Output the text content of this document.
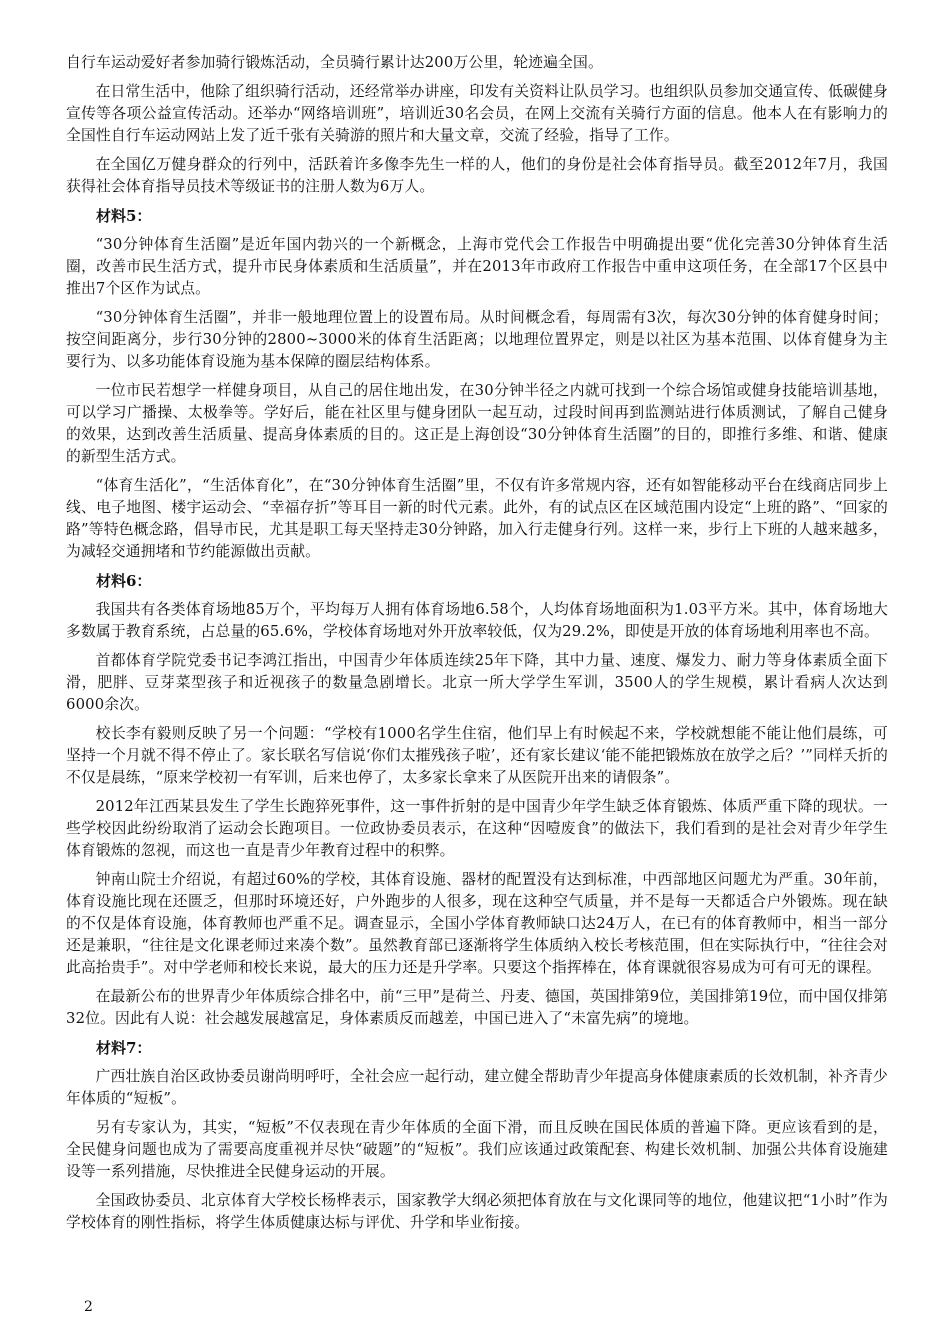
自行车运动爱好者参加骑行锻炼活动，全员骑行累计达200万公里，轮迹遍全国。

在日常生活中，他除了组织骑行活动，还经常举办讲座，印发有关资料让队员学习。也组织队员参加交通宣传、低碳健身宣传等各项公益宣传活动。还举办“网络培训班”，培训近30名会员，在网上交流有关骑行方面的信息。他本人在有影响力的全国性自行车运动网站上发了近千张有关骑游的照片和大量文章，交流了经验，指导了工作。

在全国亿万健身群众的行列中，活跃着许多像李先生一样的人，他们的身份是社会体育指导员。截至2012年7月，我国获得社会体育指导员技术等级证书的注册人数为6万人。

材料5：

“30分钟体育生活圈”是近年国内勃兴的一个新概念，上海市党代会工作报告中明确提出要“优化完善30分钟体育生活圈，改善市民生活方式，提升市民身体素质和生活质量”，并在2013年市政府工作报告中重申这项任务，在全部17个区县中推出7个区作为试点。

“30分钟体育生活圈”，并非一般地理位置上的设置布局。从时间概念看，每周需有3次，每次30分钟的体育健身时间；按空间距离分，步行30分钟的2800~3000米的体育生活距离；以地理位置界定，则是以社区为基本范围、以体育健身为主要行为、以多功能体育设施为基本保障的圈层结构体系。

一位市民若想学一样健身项目，从自己的居住地出发，在30分钟半径之内就可找到一个综合场馆或健身技能培训基地，可以学习广播操、太极拳等。学好后，能在社区里与健身团队一起互动，过段时间再到监测站进行体质测试，了解自己健身的效果，达到改善生活质量、提高身体素质的目的。这正是上海创设“30分钟体育生活圈”的目的，即推行多维、和谐、健康的新型生活方式。

“体育生活化”，“生活体育化”，在“30分钟体育生活圈”里，不仅有许多常规内容，还有如智能移动平台在线商店同步上线、电子地图、楼宇运动会、“幸福存折”等耳目一新的时代元素。此外，有的试点区在区域范围内设定“上班的路”、“回家的路”等特色概念路，倡导市民，尤其是职工每天坚持走30分钟路，加入行走健身行列。这样一来，步行上下班的人越来越多，为减轻交通拥堵和节约能源做出贡献。

材料6：

我国共有各类体育场地85万个，平均每万人拥有体育场地6.58个，人均体育场地面积为1.03平方米。其中，体育场地大多数属于教育系统，占总量的65.6%，学校体育场地对外开放率较低，仅为29.2%，即使是开放的体育场地利用率也不高。

首都体育学院党委书记李鸿江指出，中国青少年体质连续25年下降，其中力量、速度、爆发力、耐力等身体素质全面下滑，肥胖、豆芽菜型孩子和近视孩子的数量急剧增长。北京一所大学学生军训，3500人的学生规模，累计看病人次达到6000余次。

校长李有毅则反映了另一个问题：“学校有1000名学生住宿，他们早上有时候起不来，学校就想能不能让他们晨练，可坚持一个月就不得不停止了。家长联名写信说‘你们太摧残孩子啦’，还有家长建议‘能不能把锻炼放在放学之后？’”同样夭折的不仅是晨练，“原来学校初一有军训，后来也停了，太多家长拿来了从医院开出来的请假条”。

2012年江西某县发生了学生长跑猝死事件，这一事件折射的是中国青少年学生缺乏体育锻炼、体质严重下降的现状。一些学校因此纷纷取消了运动会长跑项目。一位政协委员表示，在这种“因噎废食”的做法下，我们看到的是社会对青少年学生体育锻炼的忽视，而这也一直是青少年教育过程中的积弊。

钟南山院士介绍说，有超过60%的学校，其体育设施、器材的配置没有达到标准，中西部地区问题尤为严重。30年前，体育设施比现在还匮乏，但那时环境还好，户外跑步的人很多，现在这种空气质量，并不是每一天都适合户外锻炼。现在缺的不仅是体育设施，体育教师也严重不足。调查显示，全国小学体育教师缺口达24万人，在已有的体育教师中，相当一部分还是兼职，“往往是文化课老师过来凑个数”。虽然教育部已逐渐将学生体质纳入校长考核范围，但在实际执行中，“往往会对此高抬贵手”。对中学老师和校长来说，最大的压力还是升学率。只要这个指挥棒在，体育课就很容易成为可有可无的课程。

在最新公布的世界青少年体质综合排名中，前“三甲”是荷兰、丹麦、德国，英国排第9位，美国排第19位，而中国仅排第32位。因此有人说：社会越发展越富足，身体素质反而越差，中国已进入了“未富先病”的境地。

材料7：

广西壮族自治区政协委员谢尚明呼吁，全社会应一起行动，建立健全帮助青少年提高身体健康素质的长效机制，补齐青少年体质的“短板”。

另有专家认为，其实，“短板”不仅表现在青少年体质的全面下滑，而且反映在国民体质的普遍下降。更应该看到的是，全民健身问题也成为了需要高度重视并尽快“破题”的“短板”。我们应该通过政策配套、构建长效机制、加强公共体育设施建设等一系列措施，尽快推进全民健身运动的开展。

全国政协委员、北京体育大学校长杨桦表示，国家教学大纲必须把体育放在与文化课同等的地位，他建议把“1小时”作为学校体育的刚性指标，将学生体质健康达标与评优、升学和毕业衔接。

2
